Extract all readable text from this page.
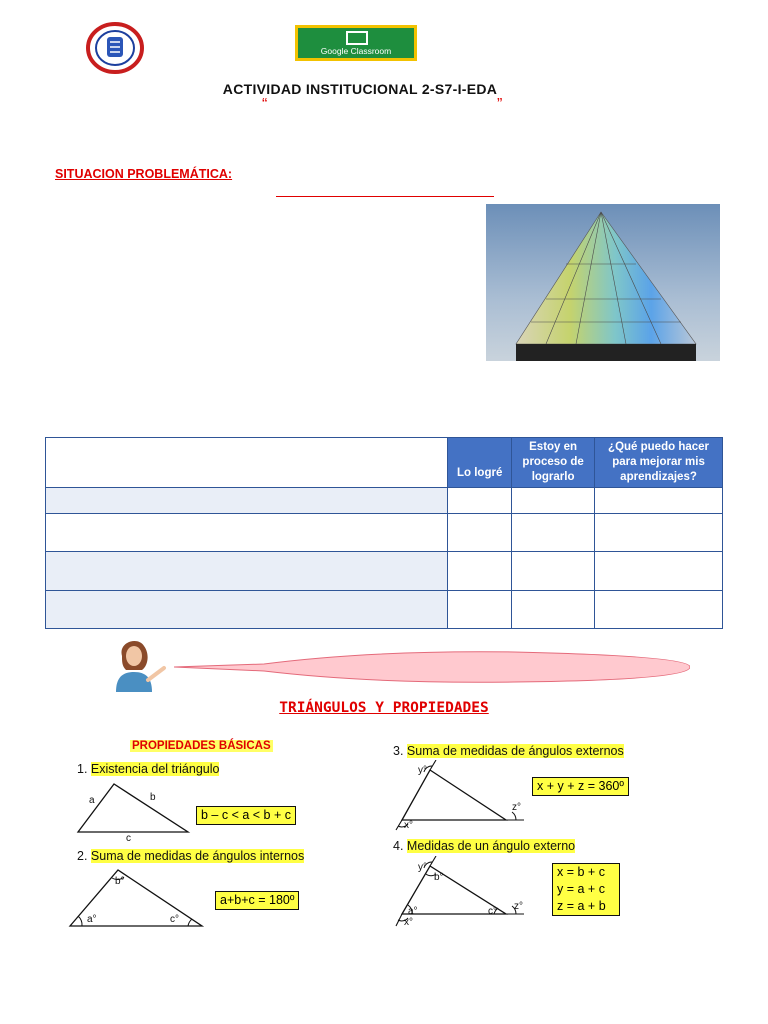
Google Classroom
ACTIVIDAD INSTITUCIONAL 2-S7-I-EDA
“	”
SITUACION PROBLEMÁTICA:
	Lo logré	Estoy en proceso de lograrlo	¿Qué puedo hacer para mejorar mis aprendizajes?

TRIÁNGULOS Y PROPIEDADES
PROPIEDADES BÁSICAS
1. Existencia del triángulo
a	b
c
b – c < a < b + c
2. Suma de medidas de ángulos internos
a°
b°
c°
a+b+c = 180º
3. Suma de medidas de ángulos externos
y°
z°
x°
x + y + z = 360º
4. Medidas de un ángulo externo
y°
b°
a°	c° z°
x°
x = b + c
y = a + c
z = a + b
